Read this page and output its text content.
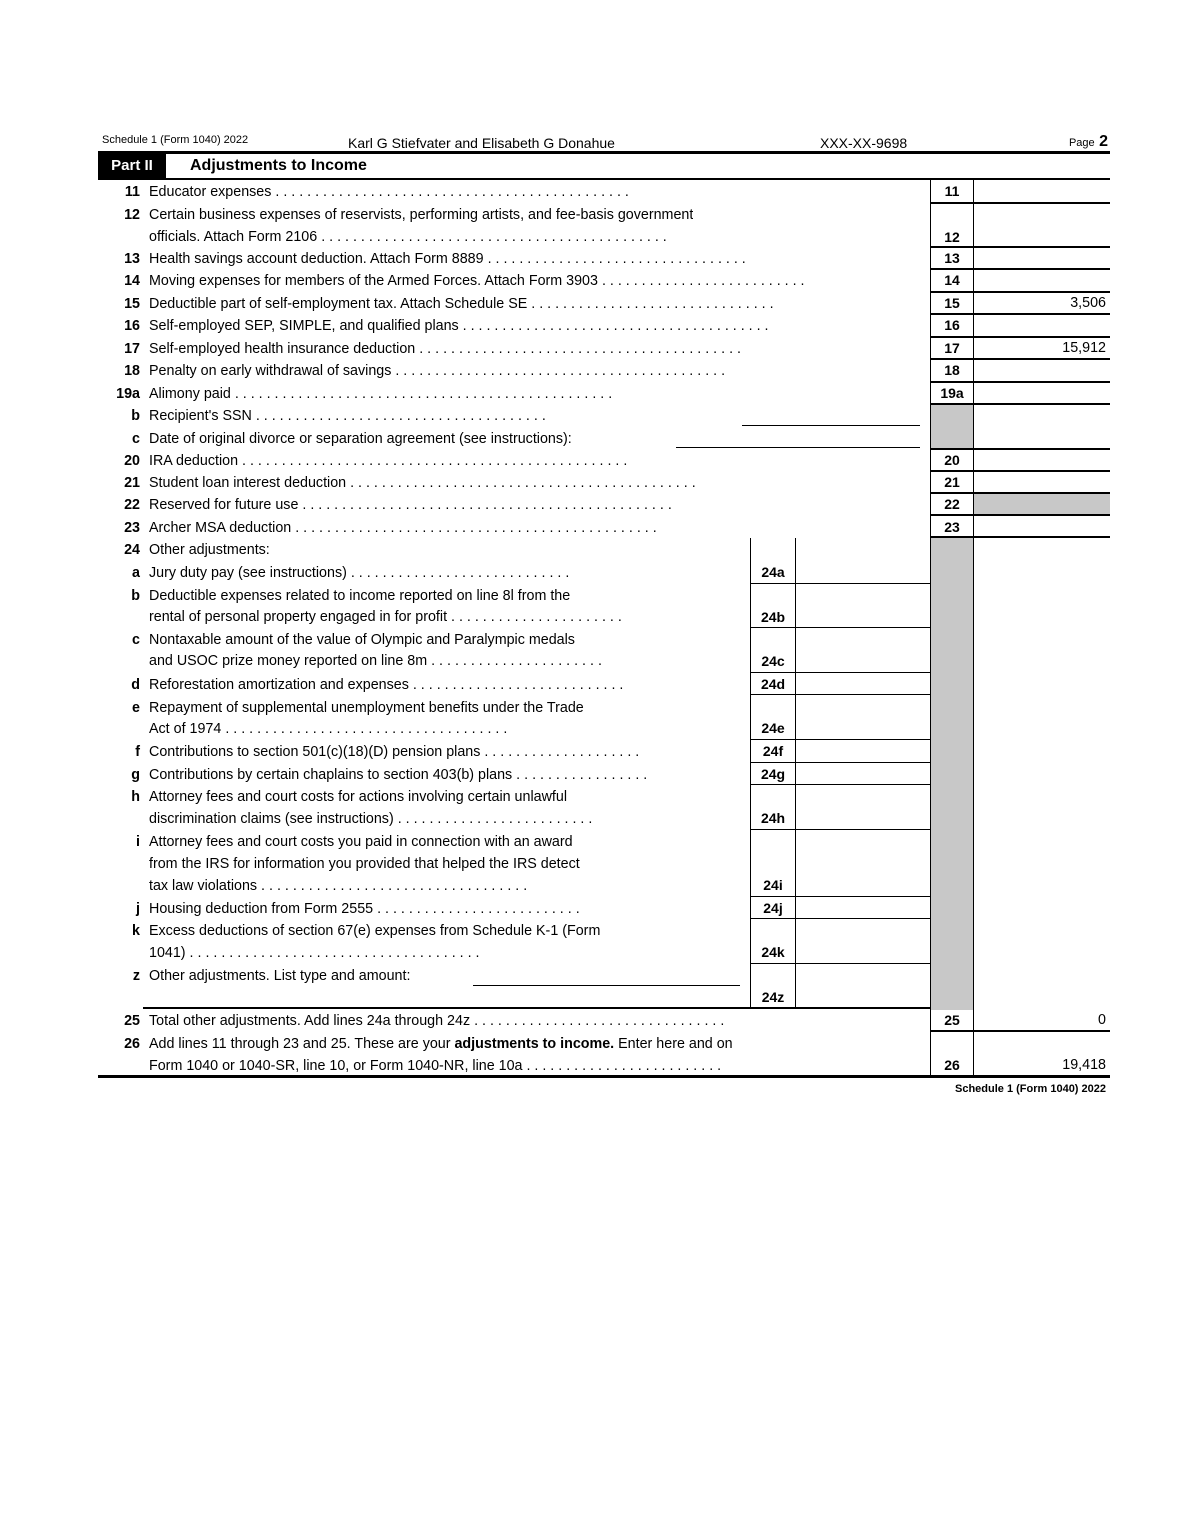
Schedule 1 (Form 1040) 2022	Karl G Stiefvater and Elisabeth G Donahue	XXX-XX-9698	Page 2
Part II	Adjustments to Income
11 Educator expenses . . . . . . . . . . . . . . . . . . . . . . . . . . . . . . . . . . . . . . . . . . . . .	11
12 Certain business expenses of reservists, performing artists, and fee-basis government
officials. Attach Form 2106 . . . . . . . . . . . . . . . . . . . . . . . . . . . . . . . . . . . . . . . . . . . .	12
13 Health savings account deduction. Attach Form 8889 . . . . . . . . . . . . . . . . . . . . . . . . . . . . . . . . .	13
14 Moving expenses for members of the Armed Forces. Attach Form 3903 . . . . . . . . . . . . . . . . . . . . . . . . . .	14
15 Deductible part of self-employment tax. Attach Schedule SE . . . . . . . . . . . . . . . . . . . . . . . . . . . . . . .	15	3,506
16 Self-employed SEP, SIMPLE, and qualified plans . . . . . . . . . . . . . . . . . . . . . . . . . . . . . . . . . . . . . . .	16
17 Self-employed health insurance deduction . . . . . . . . . . . . . . . . . . . . . . . . . . . . . . . . . . . . . . . . .	17	15,912
18 Penalty on early withdrawal of savings . . . . . . . . . . . . . . . . . . . . . . . . . . . . . . . . . . . . . . . . . .	18
19a Alimony paid . . . . . . . . . . . . . . . . . . . . . . . . . . . . . . . . . . . . . . . . . . . . . . . .	19a
b Recipient's SSN . . . . . . . . . . . . . . . . . . . . . . . . . . . . . . . . . . . . .
c Date of original divorce or separation agreement (see instructions):
20 IRA deduction . . . . . . . . . . . . . . . . . . . . . . . . . . . . . . . . . . . . . . . . . . . . . . . . .	20
21 Student loan interest deduction . . . . . . . . . . . . . . . . . . . . . . . . . . . . . . . . . . . . . . . . . . . .	21
22 Reserved for future use . . . . . . . . . . . . . . . . . . . . . . . . . . . . . . . . . . . . . . . . . . . . . . .	22
23 Archer MSA deduction . . . . . . . . . . . . . . . . . . . . . . . . . . . . . . . . . . . . . . . . . . . . . .	23
24 Other adjustments:
a Jury duty pay (see instructions) . . . . . . . . . . . . . . . . . . . . . . . . . . . .	24a
b Deductible expenses related to income reported on line 8l from the
rental of personal property engaged in for profit . . . . . . . . . . . . . . . . . . . . . .	24b
c Nontaxable amount of the value of Olympic and Paralympic medals
and USOC prize money reported on line 8m . . . . . . . . . . . . . . . . . . . . . .	24c
d Reforestation amortization and expenses . . . . . . . . . . . . . . . . . . . . . . . . . . .	24d
e Repayment of supplemental unemployment benefits under the Trade
Act of 1974 . . . . . . . . . . . . . . . . . . . . . . . . . . . . . . . . . . . .	24e
f Contributions to section 501(c)(18)(D) pension plans . . . . . . . . . . . . . . . . . . . .	24f
g Contributions by certain chaplains to section 403(b) plans . . . . . . . . . . . . . . . . .	24g
h Attorney fees and court costs for actions involving certain unlawful
discrimination claims (see instructions) . . . . . . . . . . . . . . . . . . . . . . . . .	24h
i Attorney fees and court costs you paid in connection with an award
from the IRS for information you provided that helped the IRS detect
tax law violations . . . . . . . . . . . . . . . . . . . . . . . . . . . . . . . . . .	24i
j Housing deduction from Form 2555 . . . . . . . . . . . . . . . . . . . . . . . . . .	24j
k Excess deductions of section 67(e) expenses from Schedule K-1 (Form
1041) . . . . . . . . . . . . . . . . . . . . . . . . . . . . . . . . . . . . .	24k
z Other adjustments. List type and amount:
24z
25 Total other adjustments. Add lines 24a through 24z . . . . . . . . . . . . . . . . . . . . . . . . . . . . . . . .	25	0
26 Add lines 11 through 23 and 25. These are your adjustments to income. Enter here and on
Form 1040 or 1040-SR, line 10, or Form 1040-NR, line 10a . . . . . . . . . . . . . . . . . . . . . . . . .	26	19,418
Schedule 1 (Form 1040) 2022
